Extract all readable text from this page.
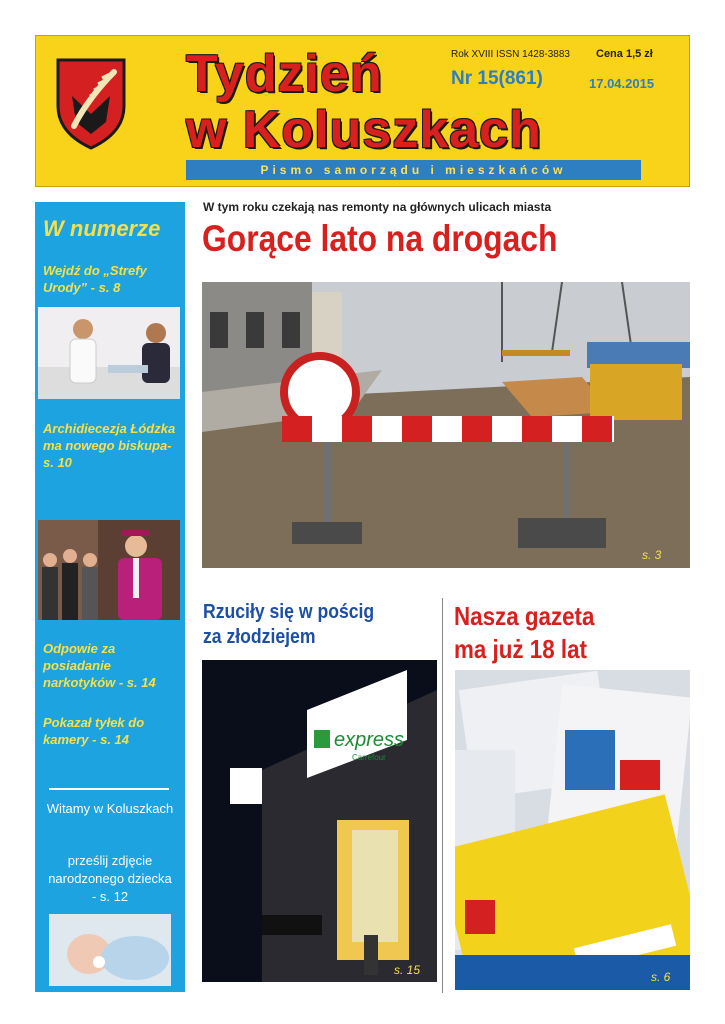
Tydzień
w Koluszkach
Pismo samorządu i mieszkańców
Rok XVIII ISSN 1428-3883 Cena 1,5 zł
Nr 15(861)	17.04.2015
W numerze
Wejdź do „Strefy Urody” - s. 8
Archidiecezja Łódzka ma nowego biskupa- s. 10
Odpowie za posiadanie narkotyków - s. 14
Pokazał tyłek do kamery - s. 14
Witamy w Koluszkach
prześlij zdjęcie narodzonego dziecka - s. 12
W tym roku czekają nas remonty na głównych ulicach miasta
Gorące lato na drogach
s. 3
Rzuciły się w pościg
za złodziejem
express
Carrefour
s. 15
Nasza gazeta
ma już 18 lat
s. 6
